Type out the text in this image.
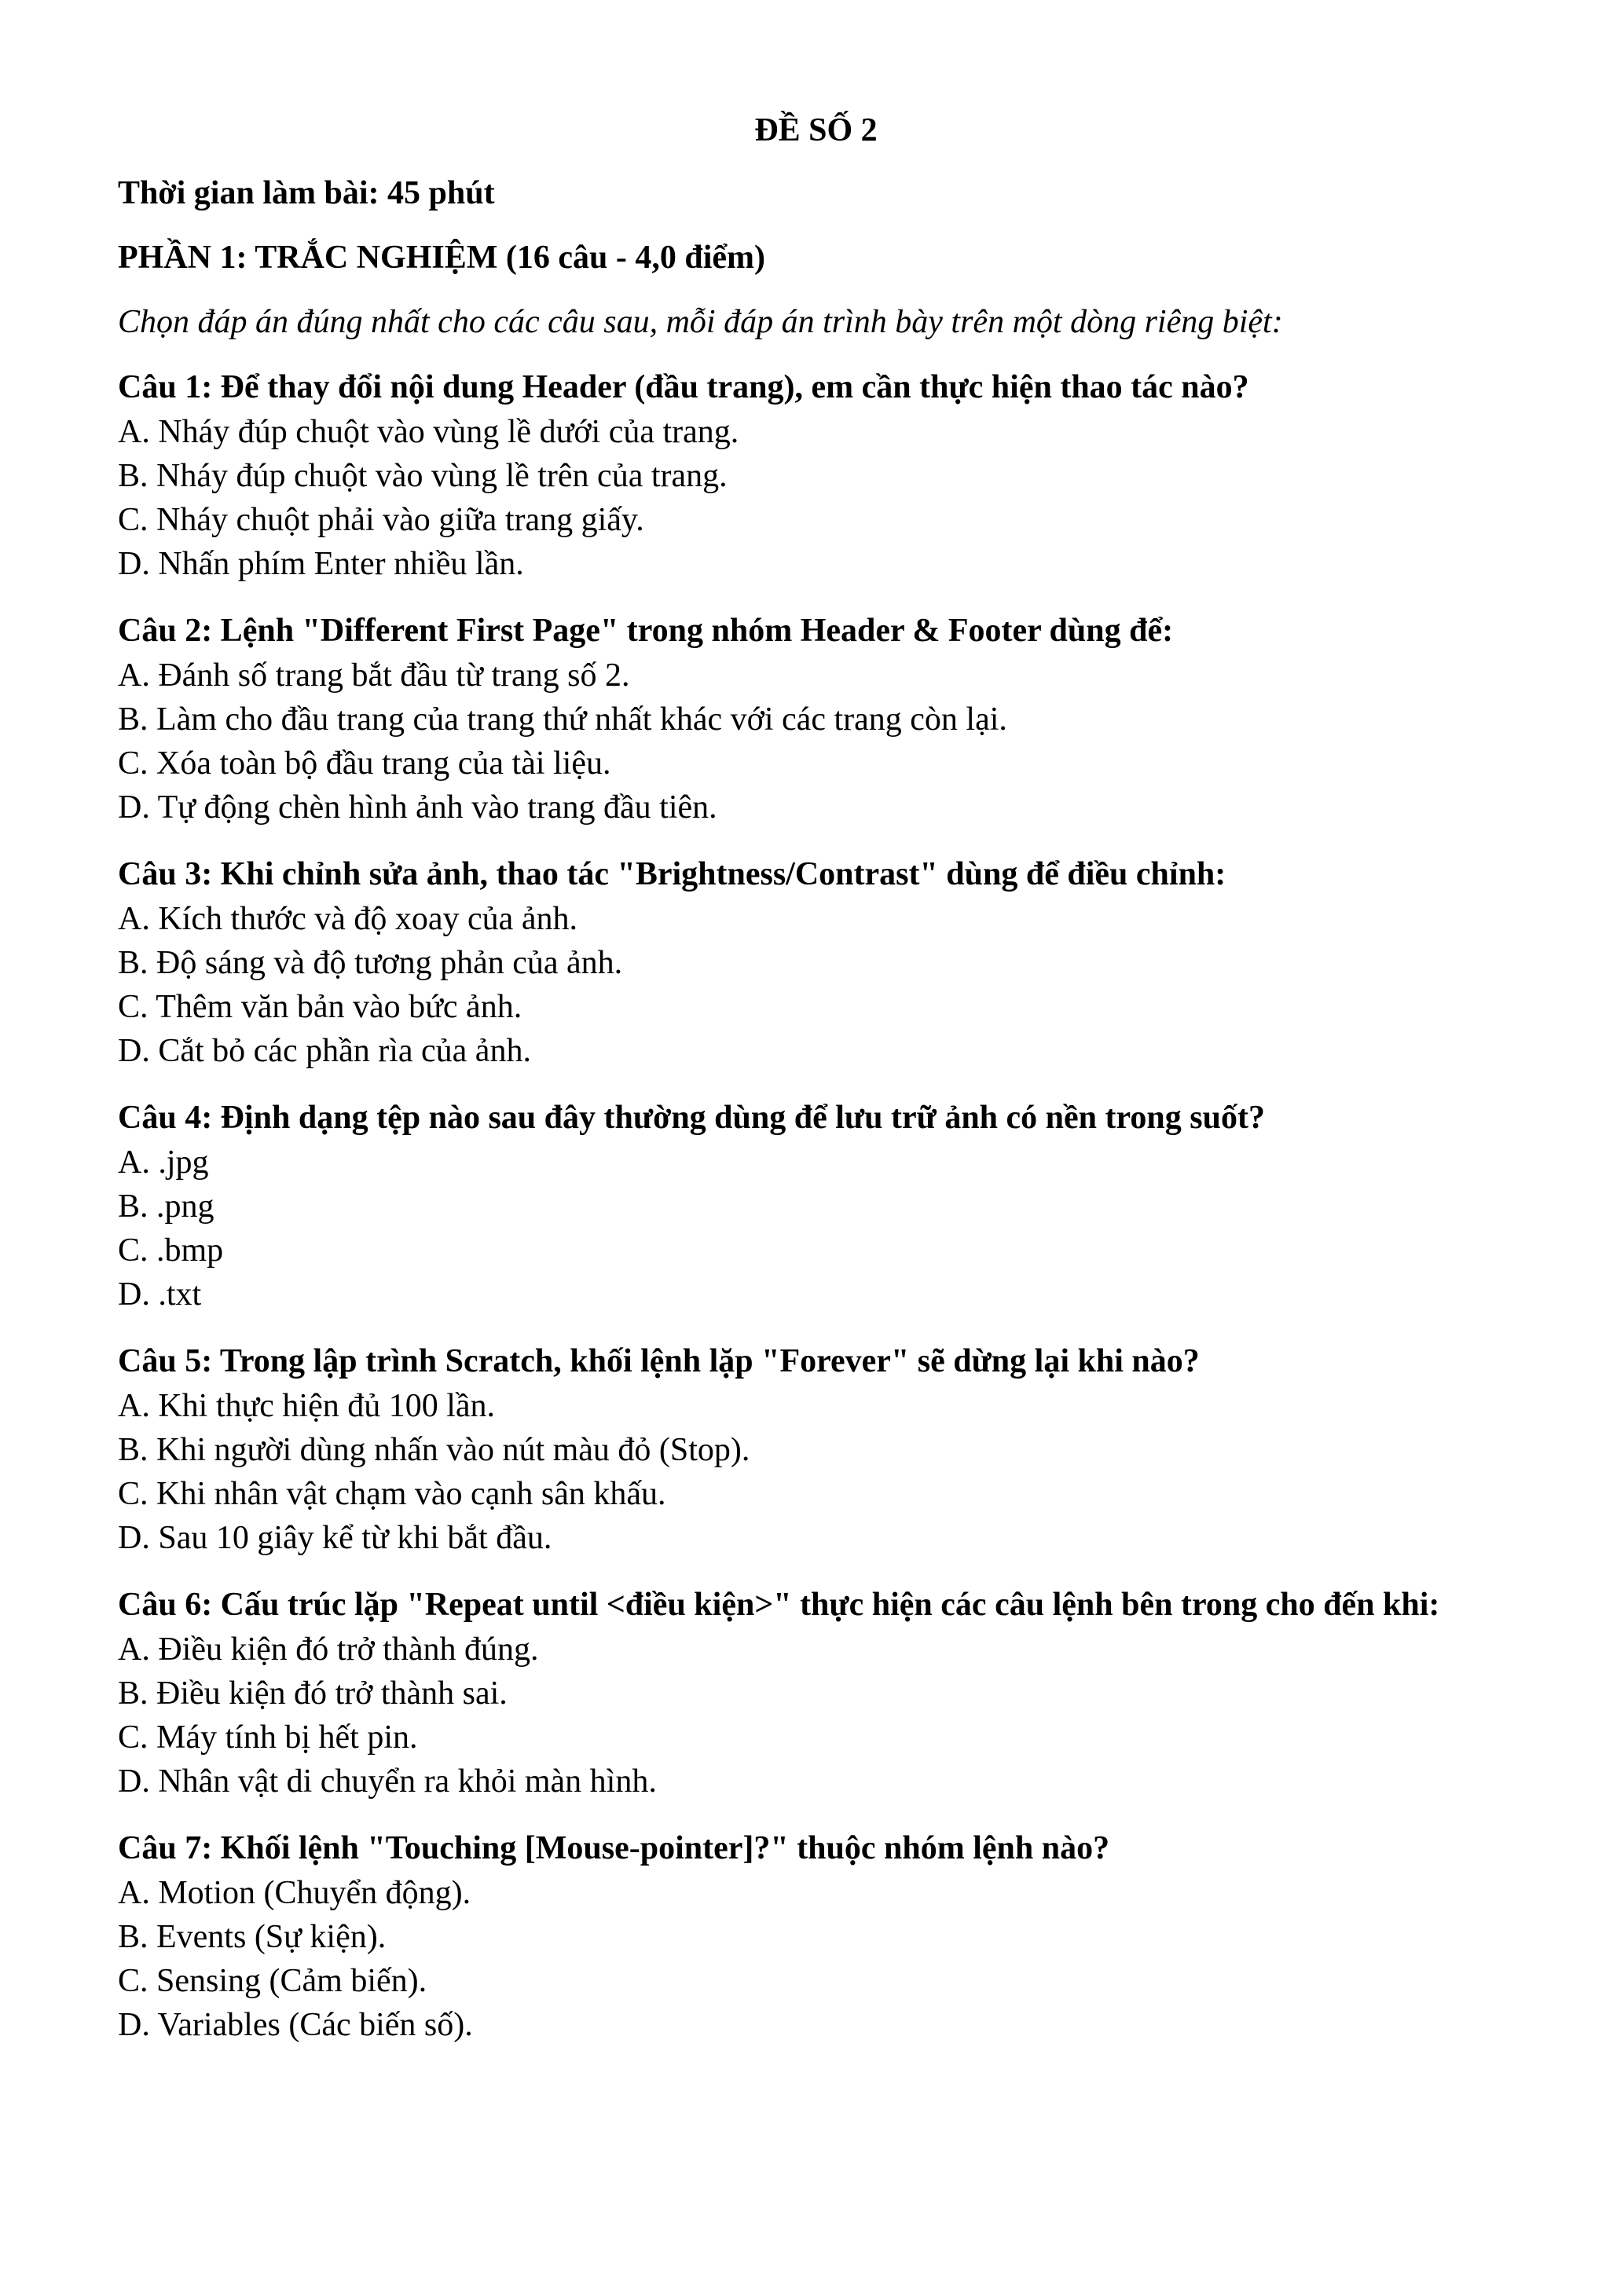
ĐỀ SỐ 2
Thời gian làm bài: 45 phút
PHẦN 1: TRẮC NGHIỆM (16 câu - 4,0 điểm)
Chọn đáp án đúng nhất cho các câu sau, mỗi đáp án trình bày trên một dòng riêng biệt:

Câu 1: Để thay đổi nội dung Header (đầu trang), em cần thực hiện thao tác nào?

A. Nháy đúp chuột vào vùng lề dưới của trang.
B. Nháy đúp chuột vào vùng lề trên của trang.
C. Nháy chuột phải vào giữa trang giấy.
D. Nhấn phím Enter nhiều lần.

Câu 2: Lệnh "Different First Page" trong nhóm Header & Footer dùng để:

A. Đánh số trang bắt đầu từ trang số 2.
B. Làm cho đầu trang của trang thứ nhất khác với các trang còn lại.
C. Xóa toàn bộ đầu trang của tài liệu.
D. Tự động chèn hình ảnh vào trang đầu tiên.

Câu 3: Khi chỉnh sửa ảnh, thao tác "Brightness/Contrast" dùng để điều chỉnh:

A. Kích thước và độ xoay của ảnh.
B. Độ sáng và độ tương phản của ảnh.
C. Thêm văn bản vào bức ảnh.
D. Cắt bỏ các phần rìa của ảnh.

Câu 4: Định dạng tệp nào sau đây thường dùng để lưu trữ ảnh có nền trong suốt?

A. .jpg
B. .png
C. .bmp
D. .txt

Câu 5: Trong lập trình Scratch, khối lệnh lặp "Forever" sẽ dừng lại khi nào?

A. Khi thực hiện đủ 100 lần.
B. Khi người dùng nhấn vào nút màu đỏ (Stop).
C. Khi nhân vật chạm vào cạnh sân khấu.
D. Sau 10 giây kể từ khi bắt đầu.

Câu 6: Cấu trúc lặp "Repeat until <điều kiện>" thực hiện các câu lệnh bên trong cho đến khi:

A. Điều kiện đó trở thành đúng.
B. Điều kiện đó trở thành sai.
C. Máy tính bị hết pin.
D. Nhân vật di chuyển ra khỏi màn hình.

Câu 7: Khối lệnh "Touching [Mouse-pointer]?" thuộc nhóm lệnh nào?

A. Motion (Chuyển động).
B. Events (Sự kiện).
C. Sensing (Cảm biến).
D. Variables (Các biến số).
